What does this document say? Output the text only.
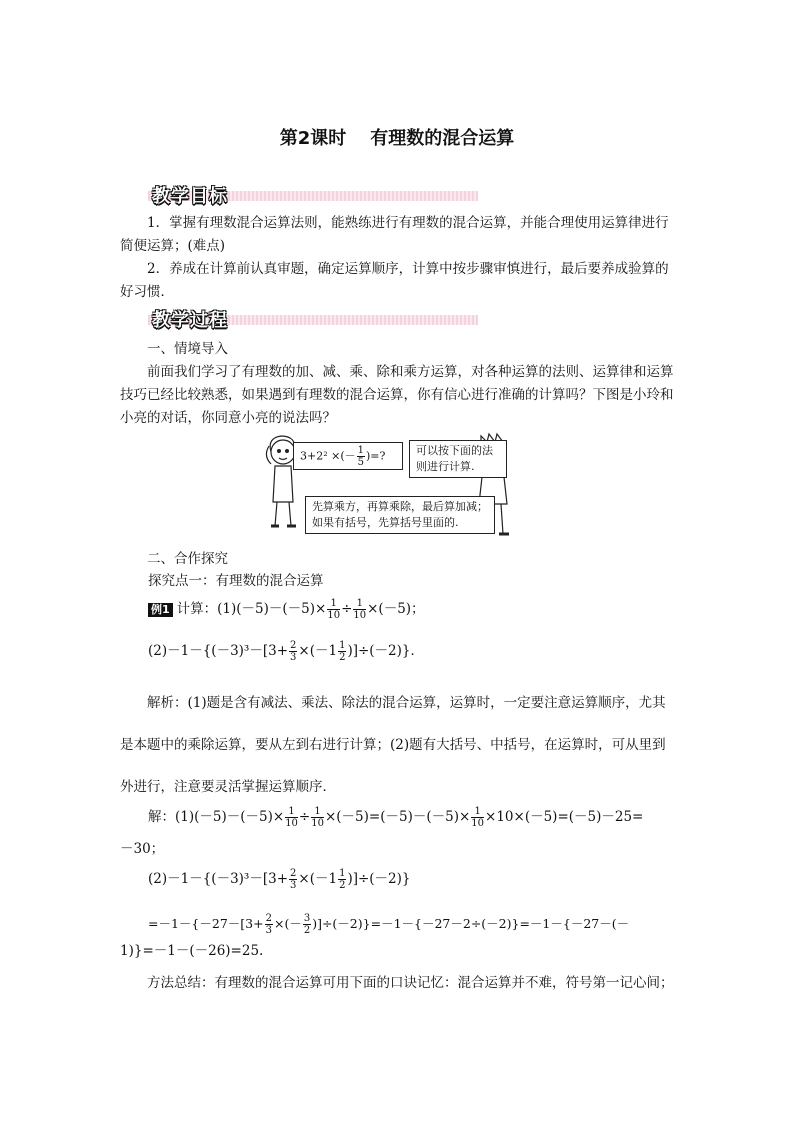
第2课时 有理数的混合运算
教学目标
1．掌握有理数混合运算法则，能熟练进行有理数的混合运算，并能合理使用运算律进行简便运算；(难点)
2．养成在计算前认真审题，确定运算顺序，计算中按步骤审慎进行，最后要养成验算的好习惯．
教学过程
一、情境导入
前面我们学习了有理数的加、减、乘、除和乘方运算，对各种运算的法则、运算律和运算技巧已经比较熟悉，如果遇到有理数的混合运算，你有信心进行准确的计算吗？下图是小玲和小亮的对话，你同意小亮的说法吗？
3+2² ×(－ $\frac{1}{5}$ )=?	可以按下面的法
则进行计算.
先算乘方，再算乘除，最后算加减；
如果有括号，先算括号里面的.
二、合作探究
探究点一：有理数的混合运算
例1 计算：$(1)(-5)-(-5)\times \frac{1}{10} \div \frac{1}{10} \times(-5)$；
$(2)-1-\{(-3)^3-[3+ \frac{2}{3} \times(-1 \frac{1}{2} )]\div(-2)\}$．
解析：(1)题是含有减法、乘法、除法的混合运算，运算时，一定要注意运算顺序，尤其是本题中的乘除运算，要从左到右进行计算；(2)题有大括号、中括号，在运算时，可从里到外进行，注意要灵活掌握运算顺序．
解：$(1)(-5)-(-5)\times \frac{1}{10} \div \frac{1}{10} \times(-5)=(-5)-(-5)\times \frac{1}{10} \times 10\times(-5)=(-5)-25=$
－30；
$(2)-1-\{(-3)^3-[3+ \frac{2}{3} \times(-1 \frac{1}{2} )]\div(-2)\}$
$=-1-\{-27-[3+ \frac{2}{3}$ ×(－ $\frac{3}{2} )]\div(-2)\}=-1-\{-27-2\div(-2)\}=-1-\{-27-(-$
1)}=－1－(－26)=25.
方法总结：有理数的混合运算可用下面的口诀记忆：混合运算并不难，符号第一记心间；
